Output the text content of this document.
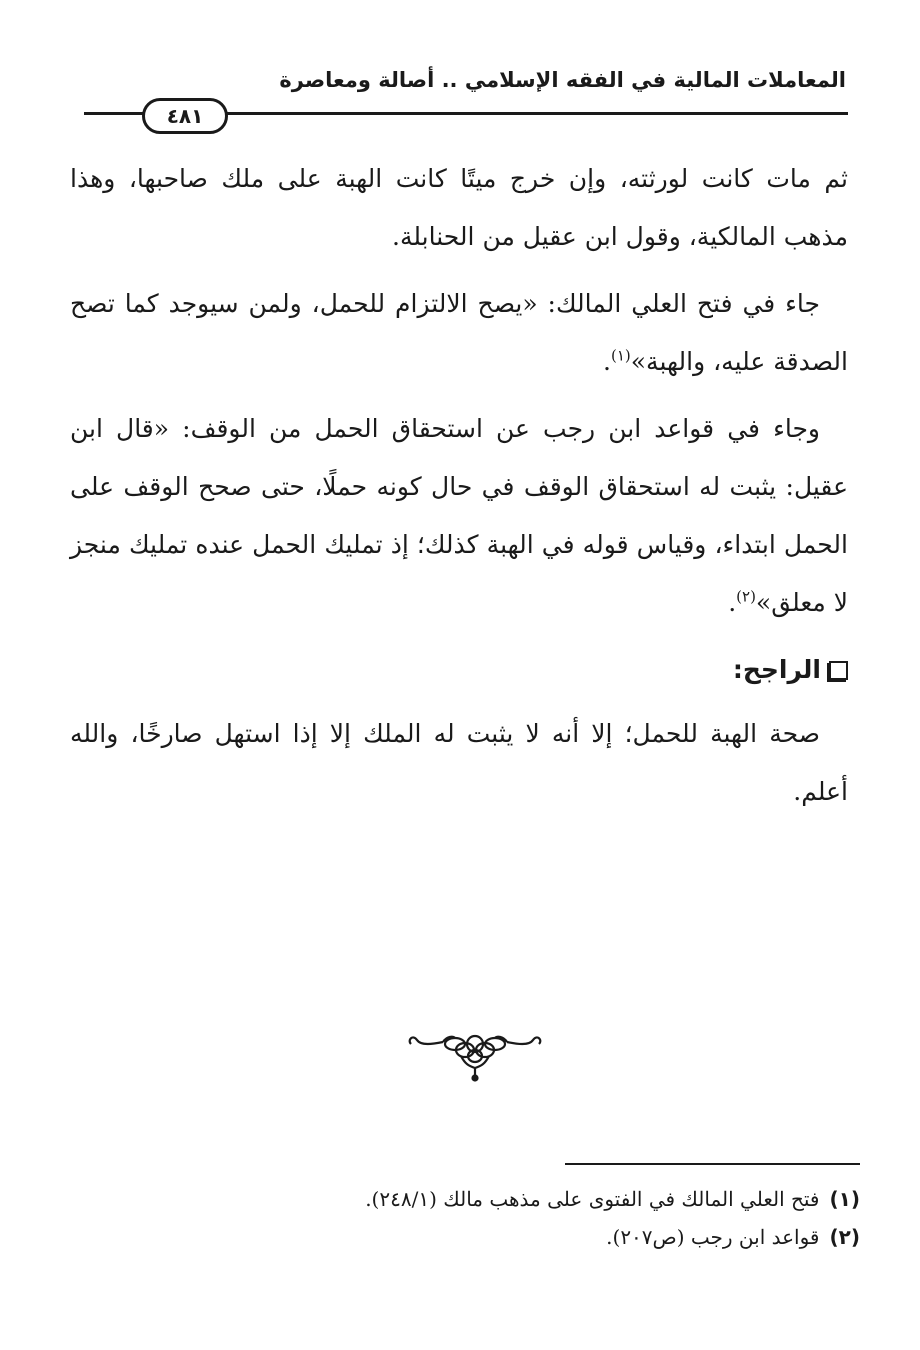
المعاملات المالية في الفقه الإسلامي .. أصالة ومعاصرة
٤٨١

ثم مات كانت لورثته، وإن خرج ميتًا كانت الهبة على ملك صاحبها، وهذا مذهب المالكية، وقول ابن عقيل من الحنابلة.

جاء في فتح العلي المالك: «يصح الالتزام للحمل، ولمن سيوجد كما تصح الصدقة عليه، والهبة»$^{(١)}$.

وجاء في قواعد ابن رجب عن استحقاق الحمل من الوقف: «قال ابن عقيل: يثبت له استحقاق الوقف في حال كونه حملًا، حتى صحح الوقف على الحمل ابتداء، وقياس قوله في الهبة كذلك؛ إذ تمليك الحمل عنده تمليك منجز لا معلق»$^{(٢)}$.

الراجح:

صحة الهبة للحمل؛ إلا أنه لا يثبت له الملك إلا إذا استهل صارخًا، والله أعلم.

(١)
فتح العلي المالك في الفتوى على مذهب مالك (٢٤٨/١).
(٢)
قواعد ابن رجب (ص٢٠٧).
